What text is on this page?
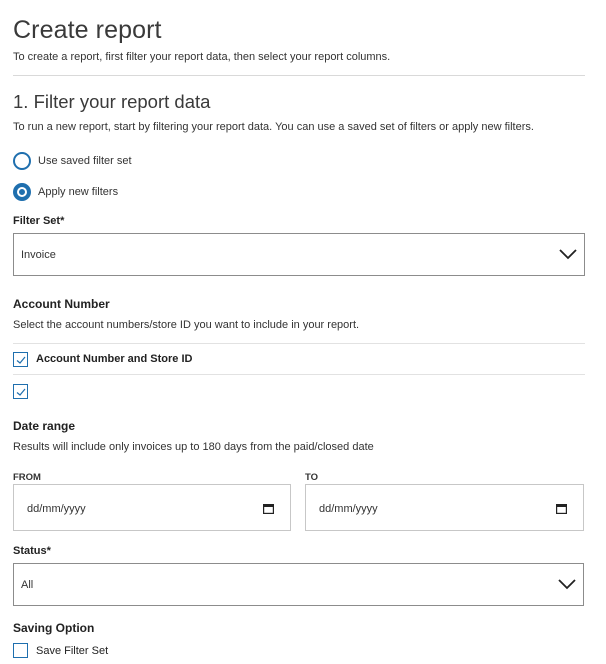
Create report

To create a report, first filter your report data, then select your report columns.

1. Filter your report data

To run a new report, start by filtering your report data. You can use a saved set of filters or apply new filters.

Use saved filter set
Apply new filters
Filter Set*
Invoice
Account Number

Select the account numbers/store ID you want to include in your report.

Account Number and Store ID
Date range

Results will include only invoices up to 180 days from the paid/closed date

FROM	TO
dd/mm/yyyy	dd/mm/yyyy
Status*
All
Saving Option
Save Filter Set
